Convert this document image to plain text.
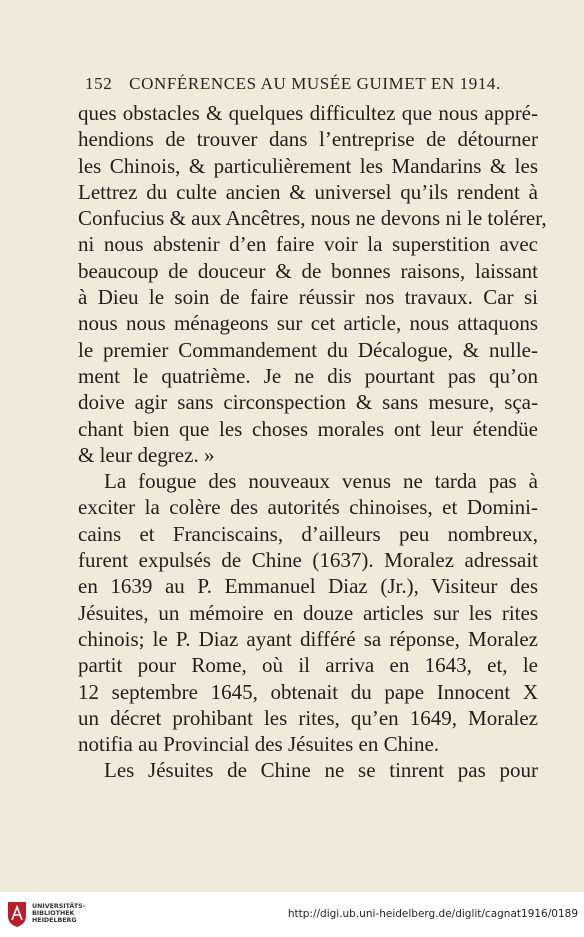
152 CONFÉRENCES AU MUSÉE GUIMET EN 1914.
ques obstacles & quelques difficultez que nous appré-
hendions de trouver dans l’entreprise de détourner
les Chinois, & particulièrement les Mandarins & les
Lettrez du culte ancien & universel qu’ils rendent à
Confucius & aux Ancêtres, nous ne devons ni le tolérer,
ni nous abstenir d’en faire voir la superstition avec
beaucoup de douceur & de bonnes raisons, laissant
à Dieu le soin de faire réussir nos travaux. Car si
nous nous ménageons sur cet article, nous attaquons
le premier Commandement du Décalogue, & nulle-
ment le quatrième. Je ne dis pourtant pas qu’on
doive agir sans circonspection & sans mesure, sça-
chant bien que les choses morales ont leur étendüe
& leur degrez. »
La fougue des nouveaux venus ne tarda pas à
exciter la colère des autorités chinoises, et Domini-
cains et Franciscains, d’ailleurs peu nombreux,
furent expulsés de Chine (1637). Moralez adressait
en 1639 au P. Emmanuel Diaz (Jr.), Visiteur des
Jésuites, un mémoire en douze articles sur les rites
chinois; le P. Diaz ayant différé sa réponse, Moralez
partit pour Rome, où il arriva en 1643, et, le
12 septembre 1645, obtenait du pape Innocent X
un décret prohibant les rites, qu’en 1649, Moralez
notifia au Provincial des Jésuites en Chine.
Les Jésuites de Chine ne se tinrent pas pour
UNIVERSITÄTS-
BIBLIOTHEK
HEIDELBERG
http://digi.ub.uni-heidelberg.de/diglit/cagnat1916/0189
